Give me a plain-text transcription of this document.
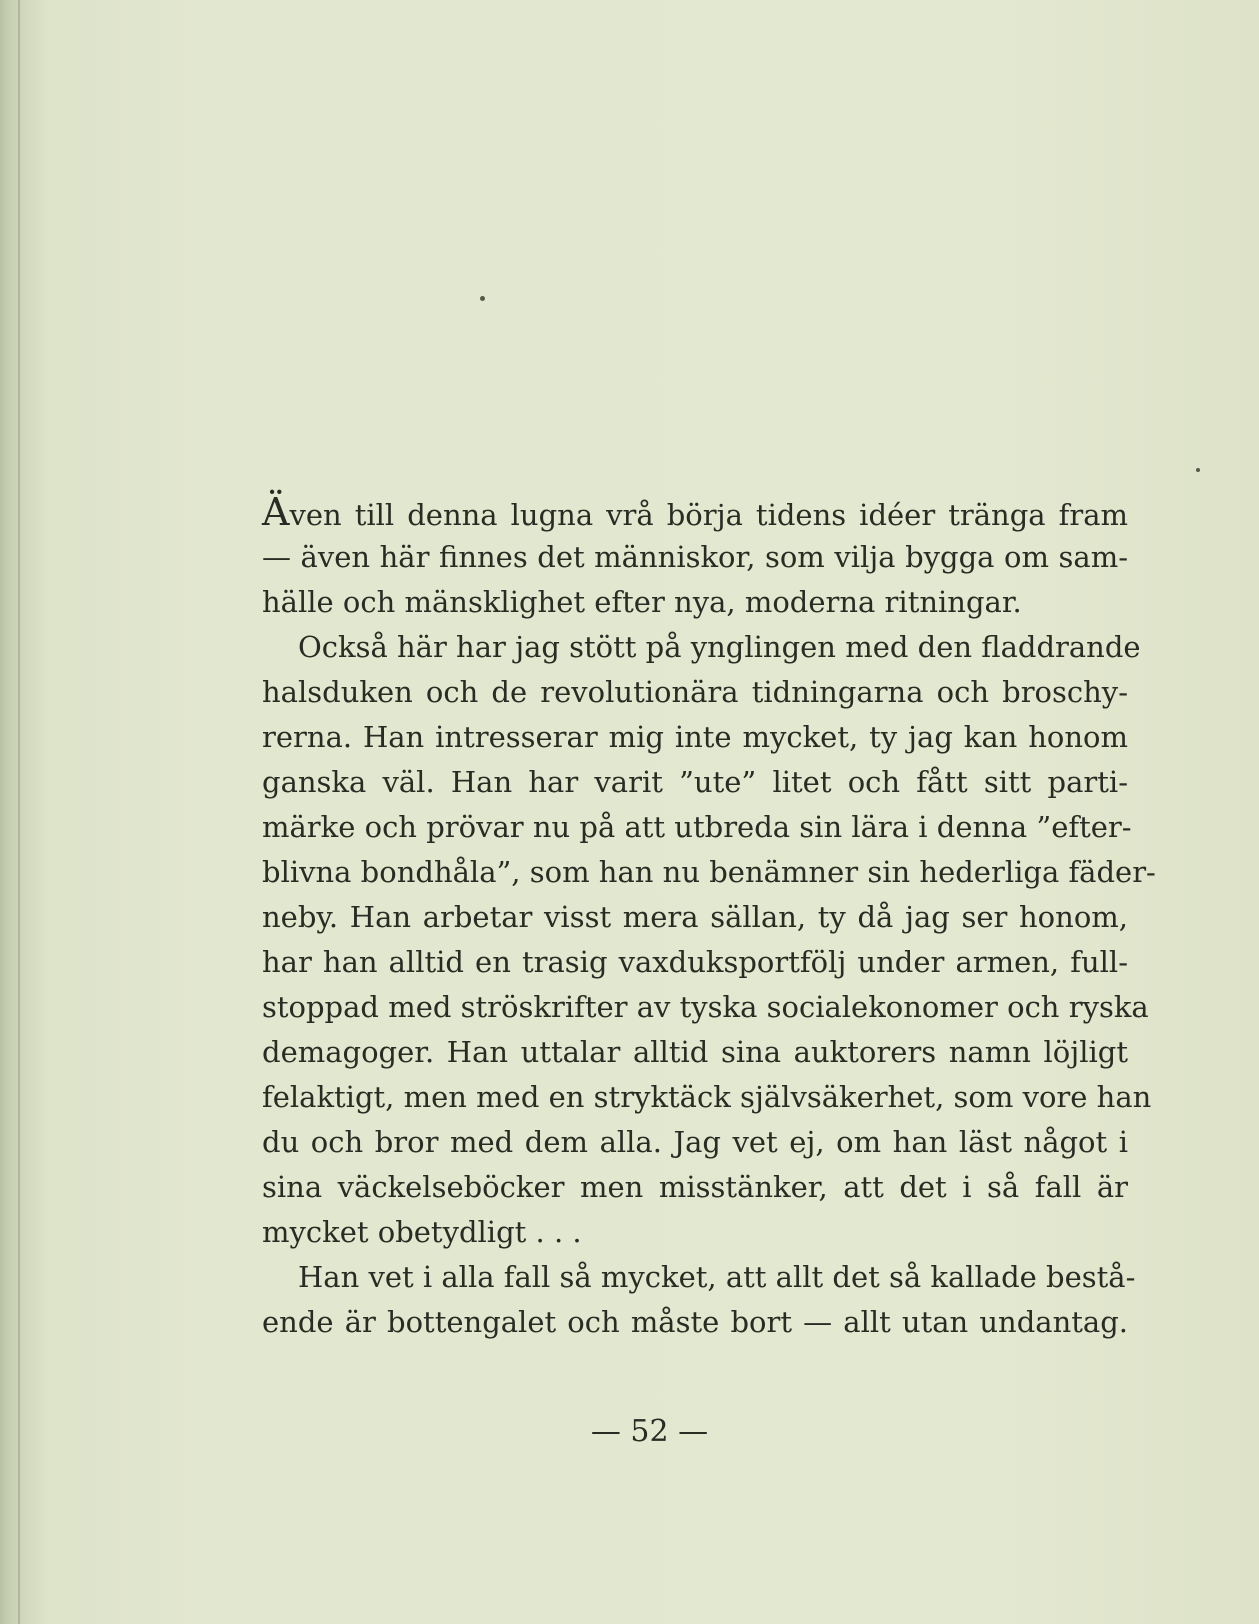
Även till denna lugna vrå börja tidens idéer tränga fram
— även här finnes det människor, som vilja bygga om sam-
hälle och mänsklighet efter nya, moderna ritningar.
Också här har jag stött på ynglingen med den fladdrande
halsduken och de revolutionära tidningarna och broschy-
rerna. Han intresserar mig inte mycket, ty jag kan honom
ganska väl. Han har varit ”ute” litet och fått sitt parti-
märke och prövar nu på att utbreda sin lära i denna ”efter-
blivna bondhåla”, som han nu benämner sin hederliga fäder-
neby. Han arbetar visst mera sällan, ty då jag ser honom,
har han alltid en trasig vaxduksportfölj under armen, full-
stoppad med ströskrifter av tyska socialekonomer och ryska
demagoger. Han uttalar alltid sina auktorers namn löjligt
felaktigt, men med en stryktäck självsäkerhet, som vore han
du och bror med dem alla. Jag vet ej, om han läst något i
sina väckelseböcker men misstänker, att det i så fall är
mycket obetydligt . . .
Han vet i alla fall så mycket, att allt det så kallade bestå-
ende är bottengalet och måste bort — allt utan undantag.
— 52 —
